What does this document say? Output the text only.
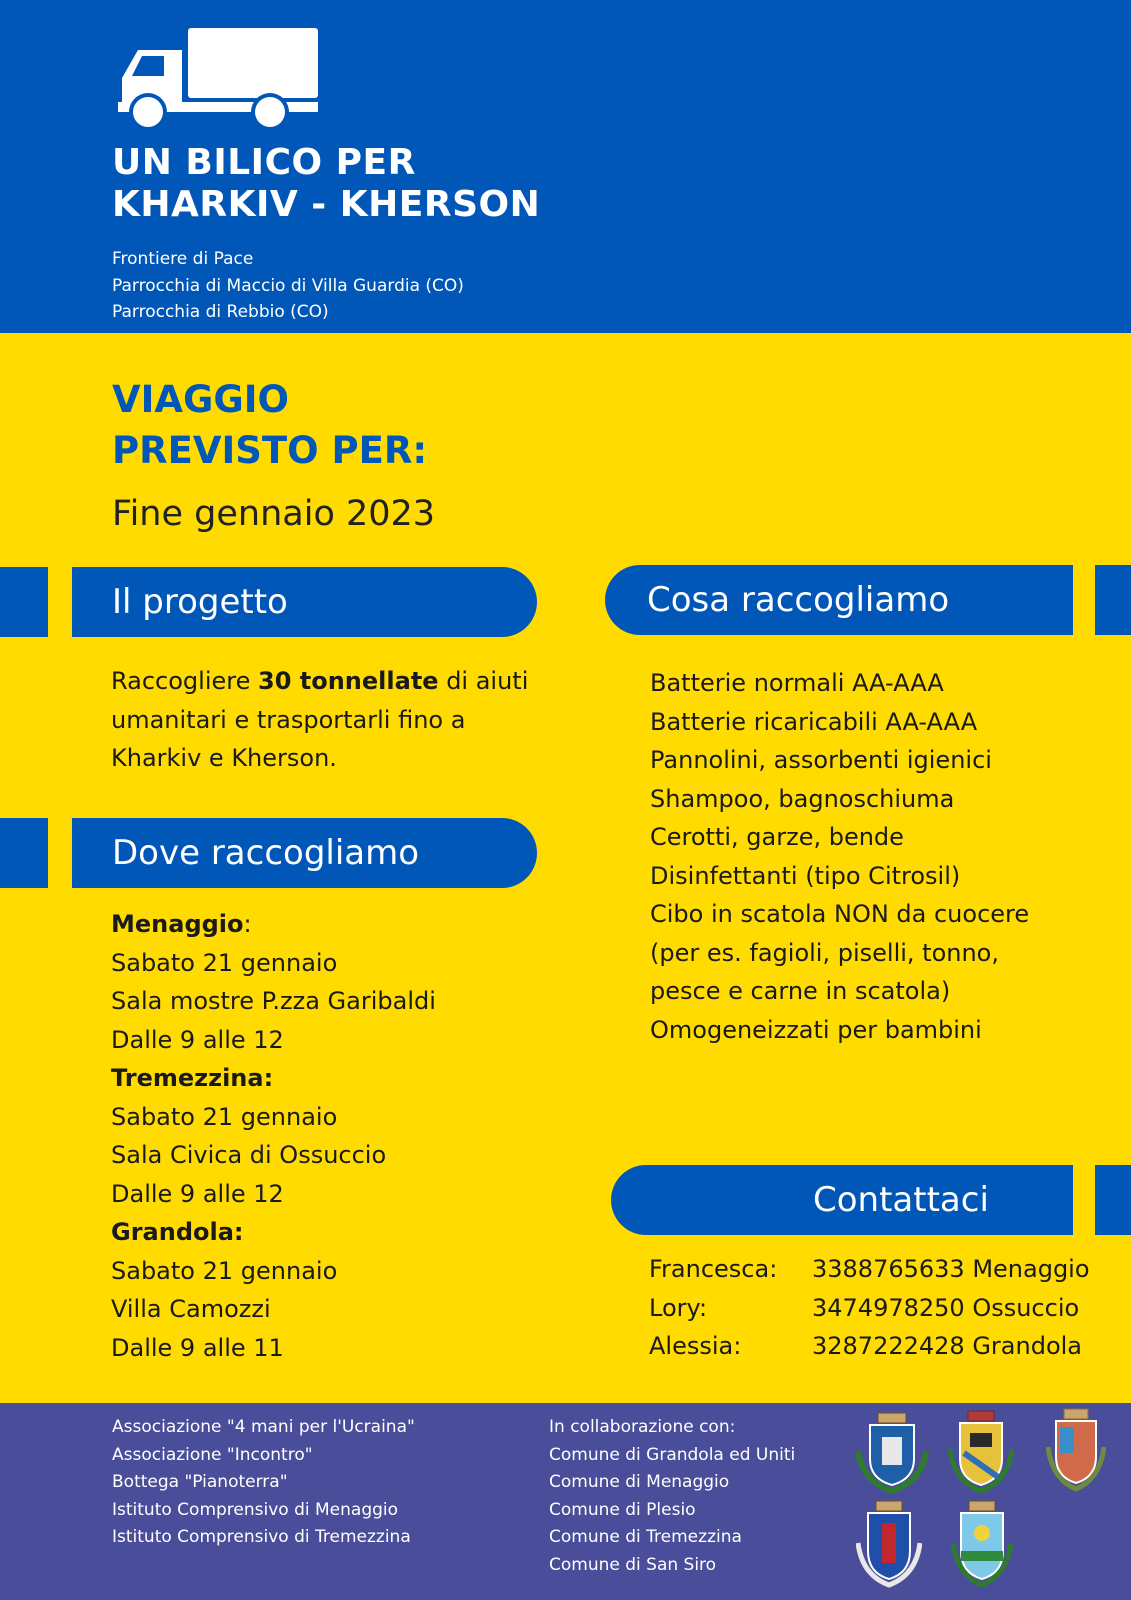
UN BILICO PER
KHARKIV - KHERSON
Frontiere di Pace
Parrocchia di Maccio di Villa Guardia (CO)
Parrocchia di Rebbio (CO)
VIAGGIO
PREVISTO PER:
Fine gennaio 2023
Il progetto	Cosa raccogliamo
Raccogliere 30 tonnellate di aiuti
umanitari e trasportarli fino a
Kharkiv e Kherson.
Batterie normali AA-AAA
Batterie ricaricabili AA-AAA
Pannolini, assorbenti igienici
Shampoo, bagnoschiuma
Cerotti, garze, bende
Disinfettanti (tipo Citrosil)
Cibo in scatola NON da cuocere
(per es. fagioli, piselli, tonno,
pesce e carne in scatola)
Omogeneizzati per bambini
Dove raccogliamo
Menaggio:
Sabato 21 gennaio
Sala mostre P.zza Garibaldi
Dalle 9 alle 12
Tremezzina:
Sabato 21 gennaio
Sala Civica di Ossuccio
Dalle 9 alle 12
Grandola:
Sabato 21 gennaio
Villa Camozzi
Dalle 9 alle 11
Contattaci
Francesca:	3388765633 Menaggio
Lory:	3474978250 Ossuccio
Alessia:	3287222428 Grandola
Associazione "4 mani per l'Ucraina"
Associazione "Incontro"
Bottega "Pianoterra"
Istituto Comprensivo di Menaggio
Istituto Comprensivo di Tremezzina
In collaborazione con:
Comune di Grandola ed Uniti
Comune di Menaggio
Comune di Plesio
Comune di Tremezzina
Comune di San Siro
